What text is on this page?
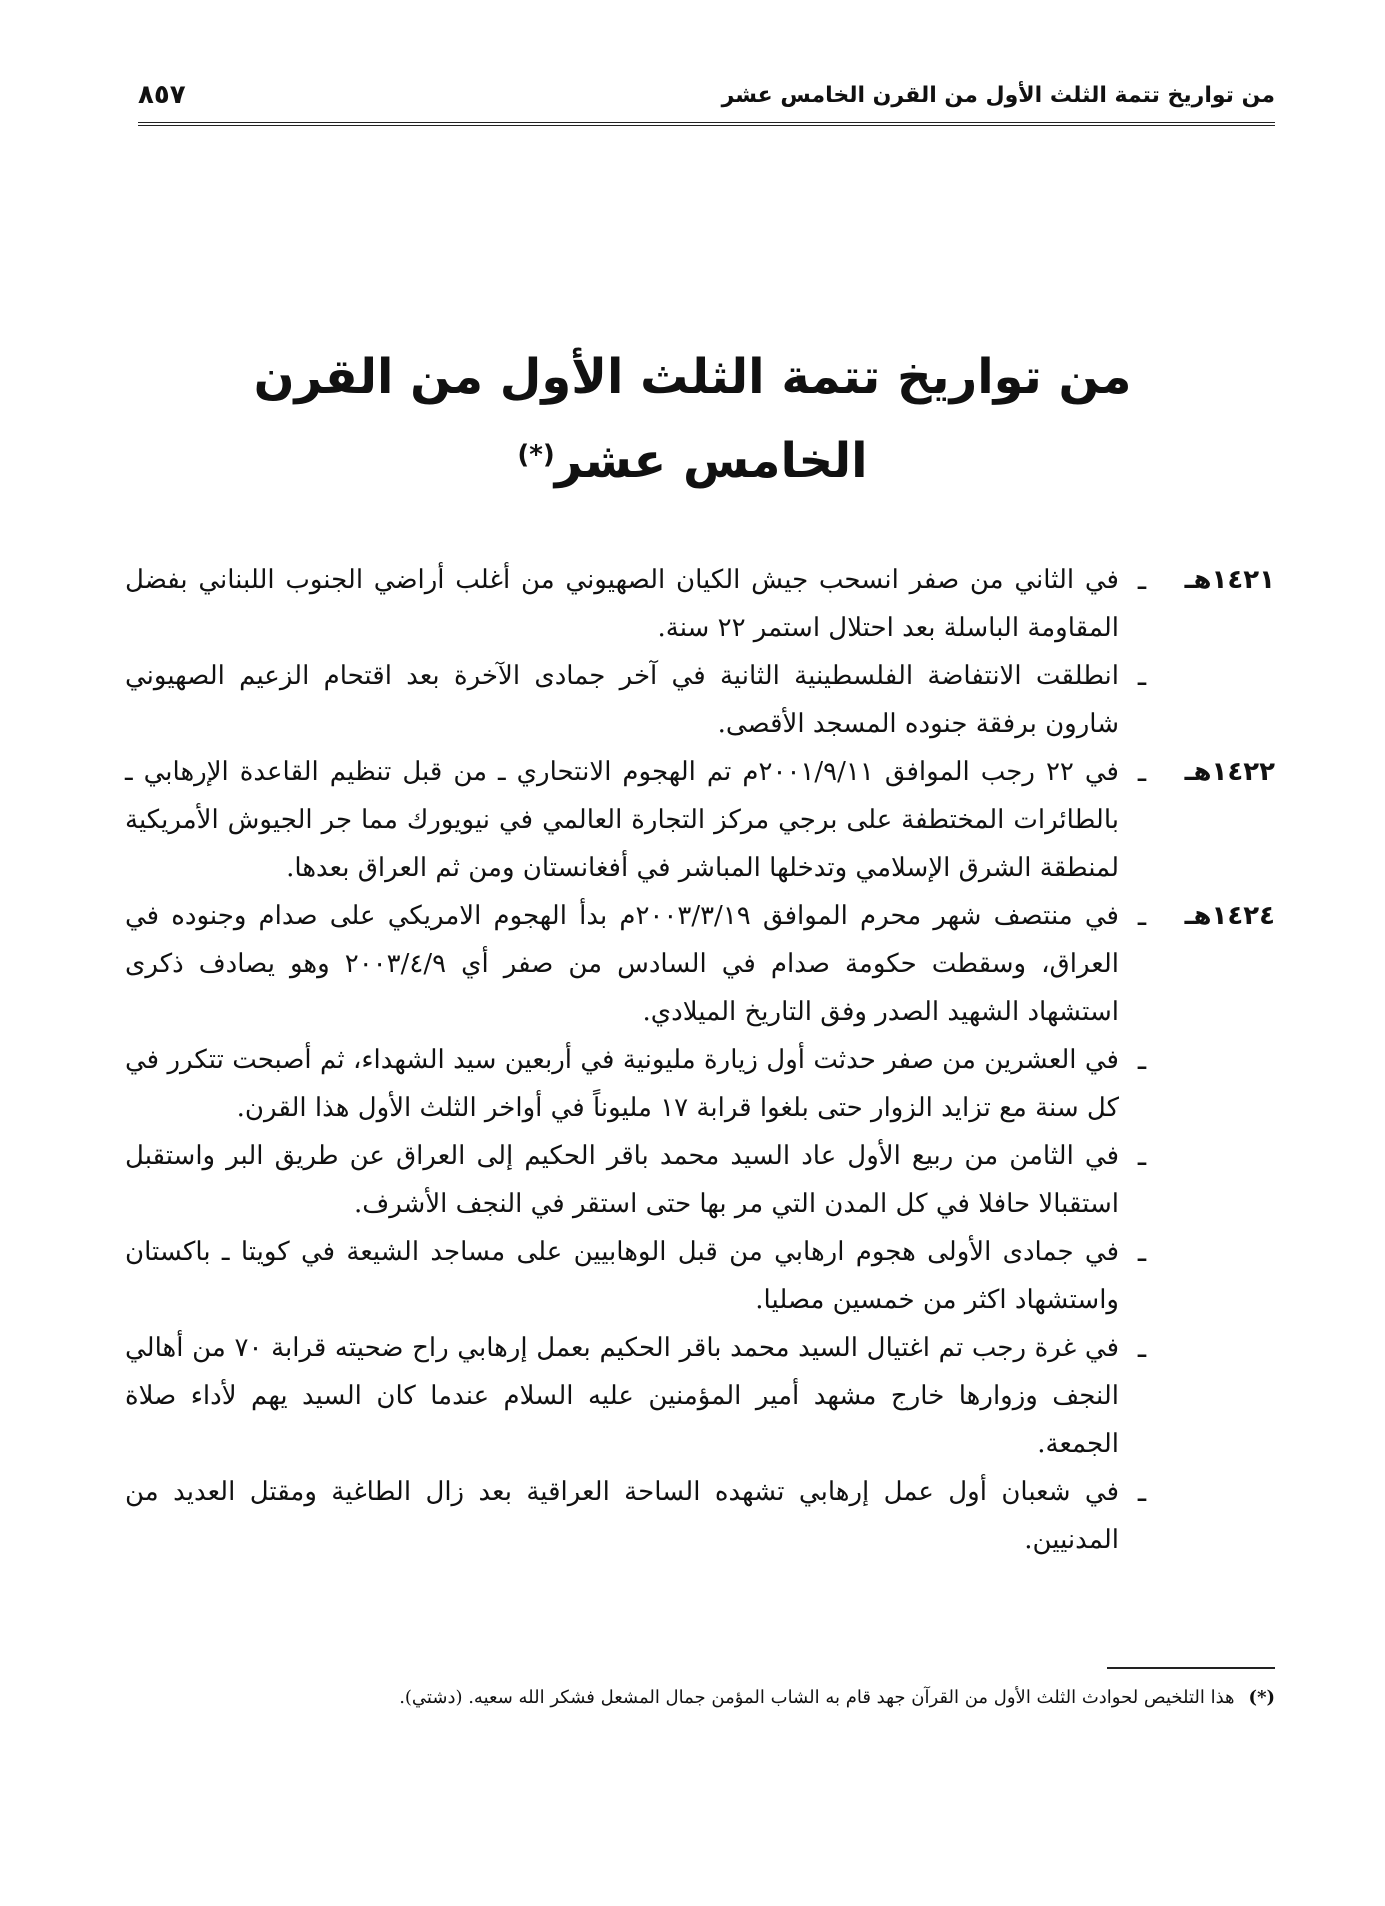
من تواريخ تتمة الثلث الأول من القرن الخامس عشر
٨٥٧
من تواريخ تتمة الثلث الأول من القرن
الخامس عشر(*)
١٤٢١هـ
ـ
في الثاني من صفر انسحب جيش الكيان الصهيوني من أغلب أراضي الجنوب اللبناني بفضل المقاومة الباسلة بعد احتلال استمر ٢٢ سنة.
ـ
انطلقت الانتفاضة الفلسطينية الثانية في آخر جمادى الآخرة بعد اقتحام الزعيم الصهيوني شارون برفقة جنوده المسجد الأقصى.
١٤٢٢هـ
ـ
في ٢٢ رجب الموافق ٢٠٠١/٩/١١م تم الهجوم الانتحاري ـ من قبل تنظيم القاعدة الإرهابي ـ بالطائرات المختطفة على برجي مركز التجارة العالمي في نيويورك مما جر الجيوش الأمريكية لمنطقة الشرق الإسلامي وتدخلها المباشر في أفغانستان ومن ثم العراق بعدها.
١٤٢٤هـ
ـ
في منتصف شهر محرم الموافق ٢٠٠٣/٣/١٩م بدأ الهجوم الامريكي على صدام وجنوده في العراق، وسقطت حكومة صدام في السادس من صفر أي ٢٠٠٣/٤/٩ وهو يصادف ذكرى استشهاد الشهيد الصدر وفق التاريخ الميلادي.
ـ
في العشرين من صفر حدثت أول زيارة مليونية في أربعين سيد الشهداء، ثم أصبحت تتكرر في كل سنة مع تزايد الزوار حتى بلغوا قرابة ١٧ مليوناً في أواخر الثلث الأول هذا القرن.
ـ
في الثامن من ربيع الأول عاد السيد محمد باقر الحكيم إلى العراق عن طريق البر واستقبل استقبالا حافلا في كل المدن التي مر بها حتى استقر في النجف الأشرف.
ـ
في جمادى الأولى هجوم ارهابي من قبل الوهابيين على مساجد الشيعة في كويتا ـ باكستان واستشهاد اكثر من خمسين مصليا.
ـ
في غرة رجب تم اغتيال السيد محمد باقر الحكيم بعمل إرهابي راح ضحيته قرابة ٧٠ من أهالي النجف وزوارها خارج مشهد أمير المؤمنين عليه السلام عندما كان السيد يهم لأداء صلاة الجمعة.
ـ
في شعبان أول عمل إرهابي تشهده الساحة العراقية بعد زال الطاغية ومقتل العديد من المدنيين.
(*)
هذا التلخيص لحوادث الثلث الأول من القرآن جهد قام به الشاب المؤمن جمال المشعل فشكر الله سعيه. (دشتي).
